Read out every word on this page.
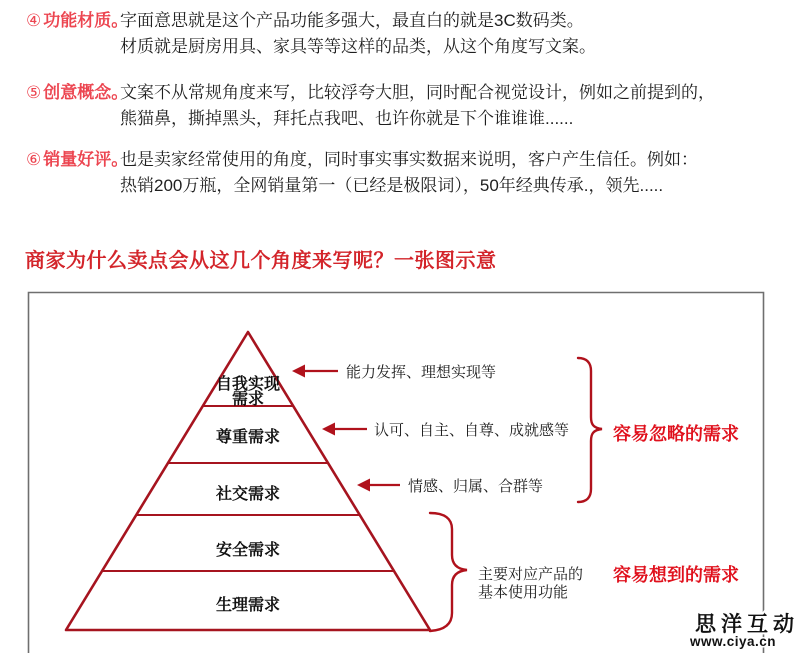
④ 功能材质。
字面意思就是这个产品功能多强大，最直白的就是3C数码类。
材质就是厨房用具、家具等等这样的品类，从这个角度写文案。
⑤ 创意概念。
文案不从常规角度来写，比较浮夸大胆，同时配合视觉设计，例如之前提到的，
熊猫鼻，撕掉黑头，拜托点我吧、也许你就是下个谁谁谁......
⑥ 销量好评。
也是卖家经常使用的角度，同时事实事实数据来说明，客户产生信任。例如：
热销200万瓶，全网销量第一（已经是极限词），50年经典传承.，领先.....
商家为什么卖点会从这几个角度来写呢？一张图示意
自我实现
需求
尊重需求
社交需求
安全需求
生理需求
能力发挥、理想实现等
认可、自主、自尊、成就感等
情感、归属、合群等
容易忽略的需求
主要对应产品的
基本使用功能
容易想到的需求
思洋互动
www.ciya.cn
